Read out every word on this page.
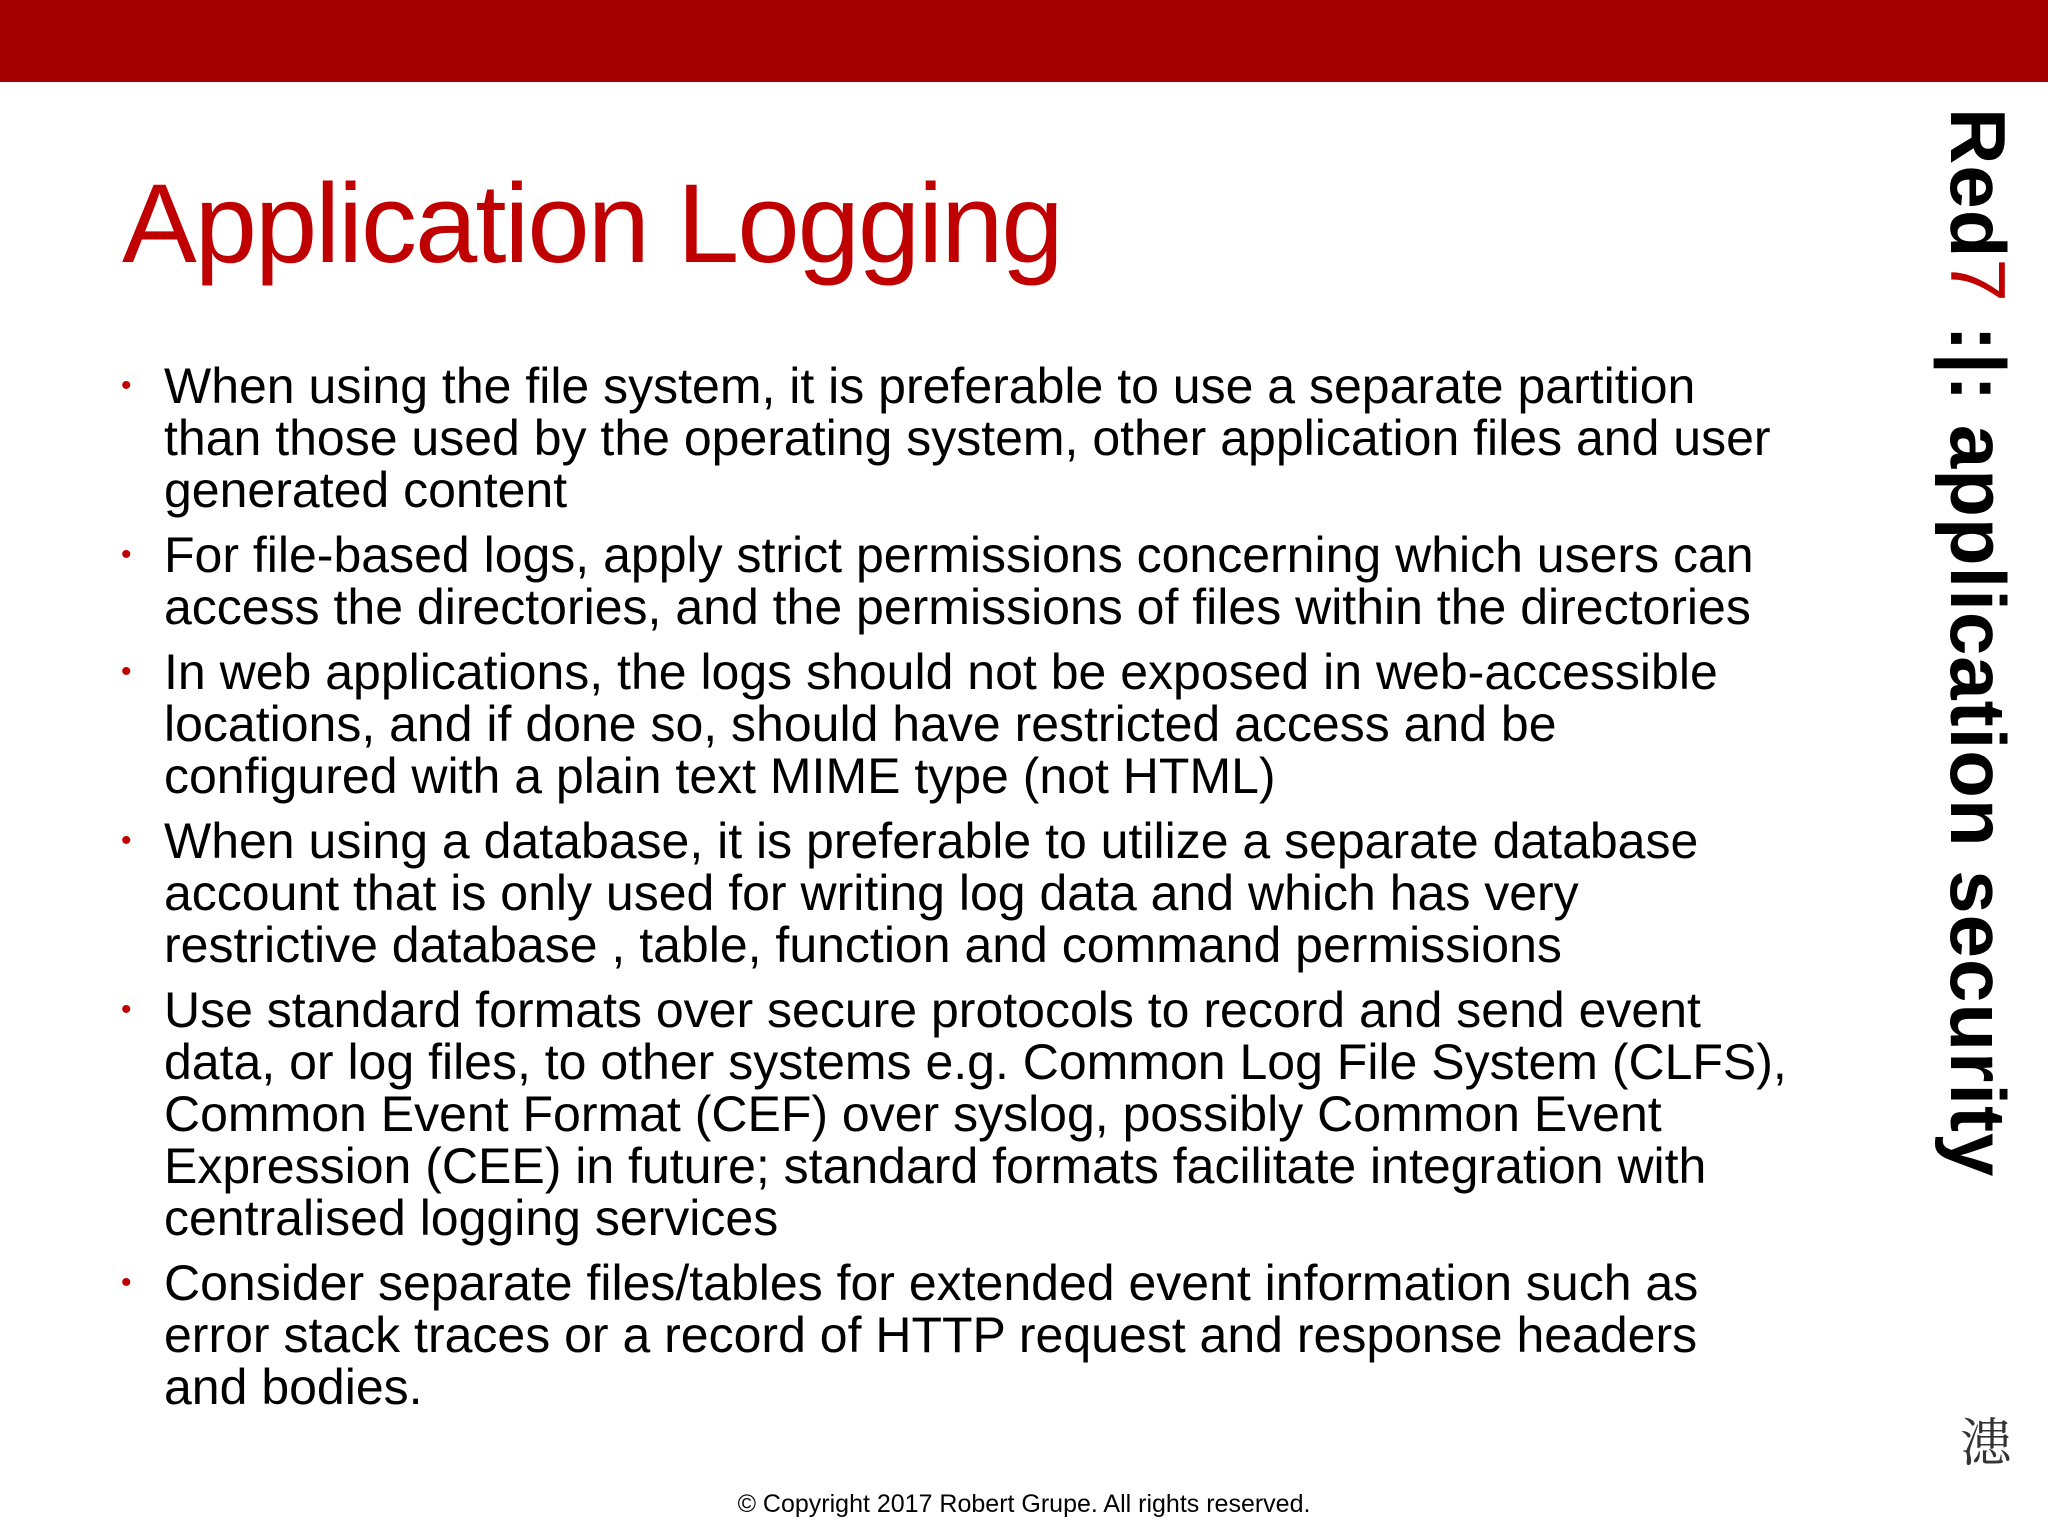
Application Logging
• When using the file system, it is preferable to use a separate partition
than those used by the operating system, other application files and user
generated content
• For file-based logs, apply strict permissions concerning which users can
access the directories, and the permissions of files within the directories
• In web applications, the logs should not be exposed in web-accessible
locations, and if done so, should have restricted access and be
configured with a plain text MIME type (not HTML)
• When using a database, it is preferable to utilize a separate database
account that is only used for writing log data and which has very
restrictive database , table, function and command permissions
• Use standard formats over secure protocols to record and send event
data, or log files, to other systems e.g. Common Log File System (CLFS),
Common Event Format (CEF) over syslog, possibly Common Event
Expression (CEE) in future; standard formats facilitate integration with
centralised logging services
• Consider separate files/tables for extended event information such as
error stack traces or a record of HTTP request and response headers
and bodies.
Red7 :|: application security
漶
© Copyright 2017 Robert Grupe. All rights reserved.
